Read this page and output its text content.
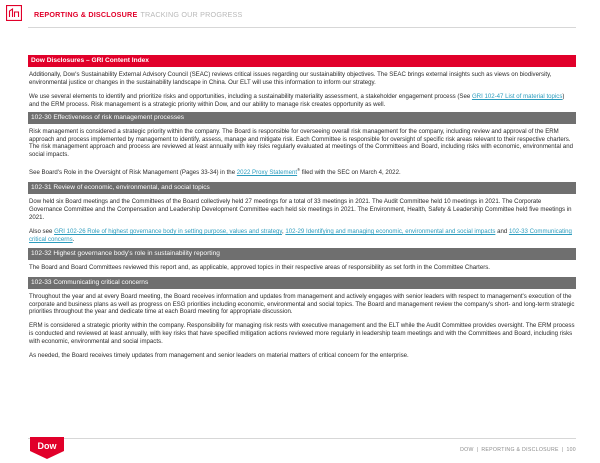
REPORTING & DISCLOSURE TRACKING OUR PROGRESS
Dow Disclosures – GRI Content Index

Additionally, Dow's Sustainability External Advisory Council (SEAC) reviews critical issues regarding our sustainability objectives. The SEAC brings external insights such as views on biodiversity, environmental justice or changes in the sustainability landscape in China. Our ELT will use this information to inform our strategy.

We use several elements to identify and prioritize risks and opportunities, including a sustainability materiality assessment, a stakeholder engagement process (See GRI 102-47 List of material topics) and the ERM process. Risk management is a strategic priority within Dow, and our ability to manage risk creates opportunity as well.

102-30 Effectiveness of risk management processes

Risk management is considered a strategic priority within the company. The Board is responsible for overseeing overall risk management for the company, including review and approval of the ERM approach and process implemented by management to identify, assess, manage and mitigate risk. Each Committee is responsible for oversight of specific risk areas relevant to their respective charters. The risk management approach and process are reviewed at least annually with key risks regularly evaluated at meetings of the Committees and Board, including risks with economic, environmental and social impacts.

See Board's Role in the Oversight of Risk Management (Pages 33-34) in the 2022 Proxy Statement® filed with the SEC on March 4, 2022.

102-31 Review of economic, environmental, and social topics

Dow held six Board meetings and the Committees of the Board collectively held 27 meetings for a total of 33 meetings in 2021. The Audit Committee held 10 meetings in 2021. The Corporate Governance Committee and the Compensation and Leadership Development Committee each held six meetings in 2021. The Environment, Health, Safety & Leadership Committee held five meetings in 2021.

Also see GRI 102-26 Role of highest governance body in setting purpose, values and strategy, 102-29 Identifying and managing economic, environmental and social impacts and 102-33 Communicating critical concerns.

102-32 Highest governance body's role in sustainability reporting

The Board and Board Committees reviewed this report and, as applicable, approved topics in their respective areas of responsibility as set forth in the Committee Charters.

102-33 Communicating critical concerns

Throughout the year and at every Board meeting, the Board receives information and updates from management and actively engages with senior leaders with respect to management's execution of the corporate and business plans as well as progress on ESG priorities including economic, environmental and social topics. The Board and management review the company's short- and long-term strategic priorities throughout the year and dedicate time at each Board meeting for appropriate discussion.

ERM is considered a strategic priority within the company. Responsibility for managing risk rests with executive management and the ELT while the Audit Committee provides oversight. The ERM process is conducted and reviewed at least annually, with key risks that have specified mitigation actions reviewed more regularly in leadership team meetings and with the Committees and Board, including risks with economic, environmental and social impacts.

As needed, the Board receives timely updates from management and senior leaders on material matters of critical concern for the enterprise.

Dow	DOW | REPORTING & DISCLOSURE | 100
